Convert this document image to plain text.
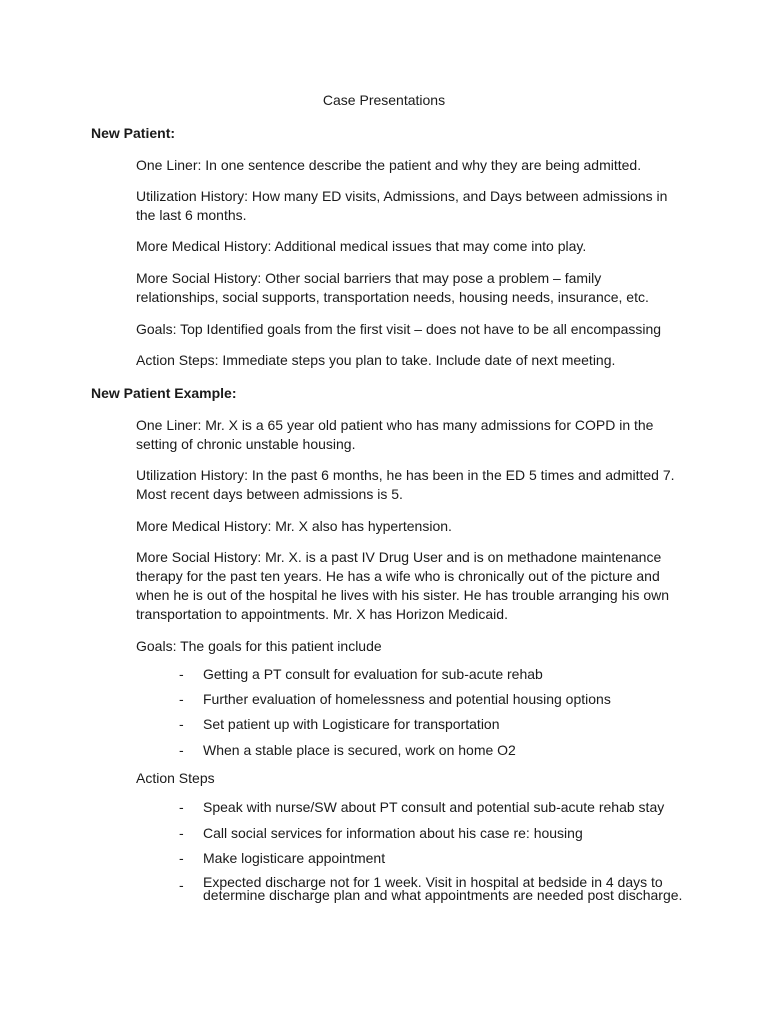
Case Presentations
New Patient:
One Liner: In one sentence describe the patient and why they are being admitted.
Utilization History: How many ED visits, Admissions, and Days between admissions in
the last 6 months.
More Medical History: Additional medical issues that may come into play.
More Social History: Other social barriers that may pose a problem – family
relationships, social supports, transportation needs, housing needs, insurance, etc.
Goals: Top Identified goals from the first visit – does not have to be all encompassing
Action Steps: Immediate steps you plan to take. Include date of next meeting.
New Patient Example:
One Liner: Mr. X is a 65 year old patient who has many admissions for COPD in the
setting of chronic unstable housing.
Utilization History: In the past 6 months, he has been in the ED 5 times and admitted 7.
Most recent days between admissions is 5.
More Medical History: Mr. X also has hypertension.
More Social History: Mr. X. is a past IV Drug User and is on methadone maintenance
therapy for the past ten years. He has a wife who is chronically out of the picture and
when he is out of the hospital he lives with his sister. He has trouble arranging his own
transportation to appointments. Mr. X has Horizon Medicaid.
Goals: The goals for this patient include
- Getting a PT consult for evaluation for sub-acute rehab
- Further evaluation of homelessness and potential housing options
- Set patient up with Logisticare for transportation
- When a stable place is secured, work on home O2
Action Steps
- Speak with nurse/SW about PT consult and potential sub-acute rehab stay
- Call social services for information about his case re: housing
- Make logisticare appointment
- Expected discharge not for 1 week. Visit in hospital at bedside in 4 days to
determine discharge plan and what appointments are needed post discharge.
